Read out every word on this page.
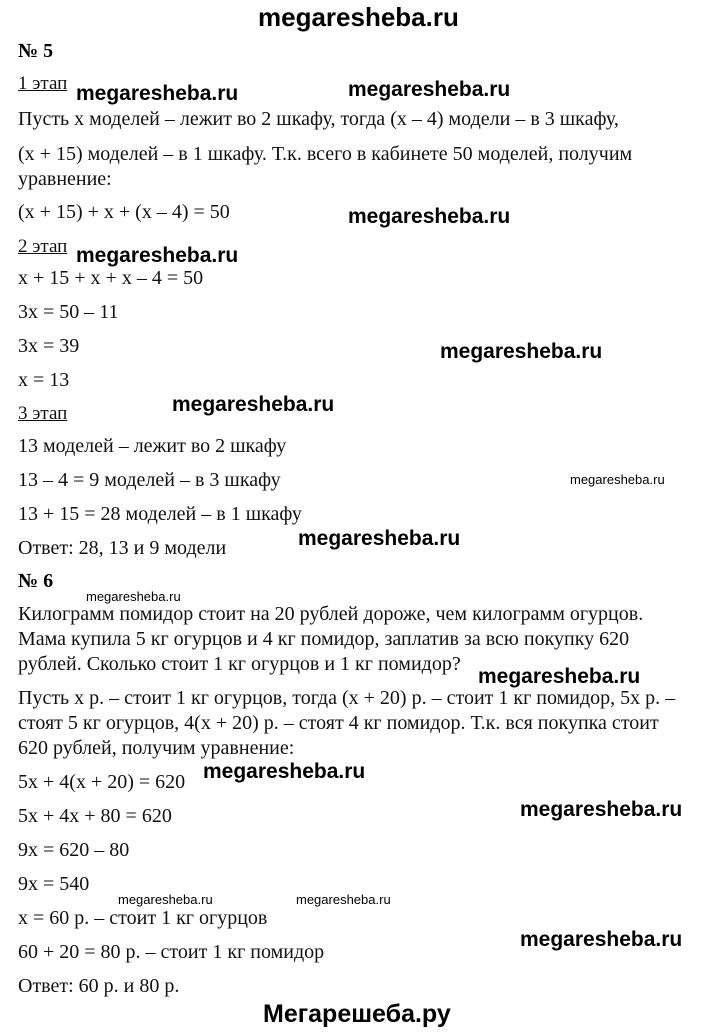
megaresheba.ru
№ 5
1 этап megaresheba.ru	megaresheba.ru
Пусть х моделей – лежит во 2 шкафу, тогда (х – 4) модели – в 3 шкафу,
(х + 15) моделей – в 1 шкафу. Т.к. всего в кабинете 50 моделей, получим
уравнение:
(х + 15) + х + (х – 4) = 50	megaresheba.ru
2 этап megaresheba.ru
х + 15 + х + х – 4 = 50
3х = 50 – 11
3х = 39	megaresheba.ru
х = 13
3 этап	megaresheba.ru
13 моделей – лежит во 2 шкафу
13 – 4 = 9 моделей – в 3 шкафу	megaresheba.ru
13 + 15 = 28 моделей – в 1 шкафу
megaresheba.ru
Ответ: 28, 13 и 9 модели
№ 6
megaresheba.ru
Килограмм помидор стоит на 20 рублей дороже, чем килограмм огурцов.
Мама купила 5 кг огурцов и 4 кг помидор, заплатив за всю покупку 620
рублей. Сколько стоит 1 кг огурцов и 1 кг помидор?
megaresheba.ru
Пусть х р. – стоит 1 кг огурцов, тогда (х + 20) р. – стоит 1 кг помидор, 5х р. –
стоят 5 кг огурцов, 4(х + 20) р. – стоят 4 кг помидор. Т.к. вся покупка стоит
620 рублей, получим уравнение:
5х + 4(х + 20) = 620 megaresheba.ru
5х + 4х + 80 = 620	megaresheba.ru
9х = 620 – 80
9х = 540
megaresheba.ru	megaresheba.ru
х = 60 р. – стоит 1 кг огурцов
megaresheba.ru
60 + 20 = 80 р. – стоит 1 кг помидор
Ответ: 60 р. и 80 р.
Мегарешеба.ру
